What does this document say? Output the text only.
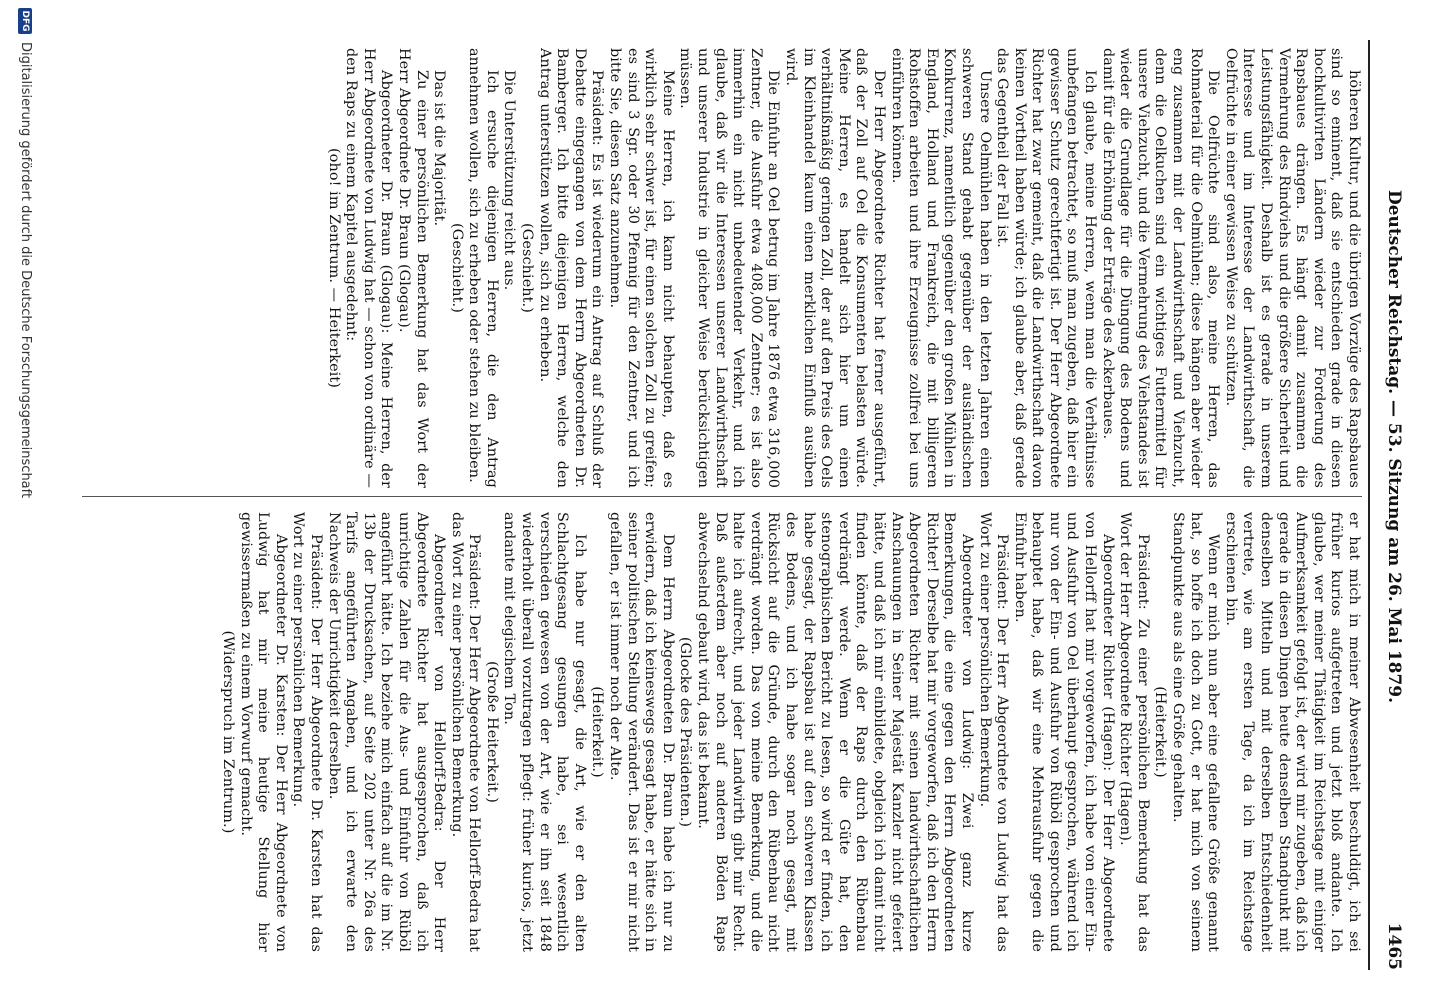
Deutscher Reichstag. — 53. Sitzung am 26. Mai 1879.
1465

höheren Kultur, und die übrigen Vorzüge des Rapsbaues sind so eminent, daß sie entschieden grade in diesen hochkultivirten Ländern wieder zur Forderung des Rapsbaues drängen. Es hängt damit zusammen die Vermehrung des Rindviehs und die größere Sicherheit und Leistungsfähigkeit. Deshalb ist es gerade in unserem Interesse und im Interesse der Landwirthschaft, die Oelfrüchte in einer gewissen Weise zu schützen.

Die Oelfrüchte sind also, meine Herren, das Rohmaterial für die Oelmühlen; diese hängen aber wieder eng zusammen mit der Landwirthschaft und Viehzucht, denn die Oelkuchen sind ein wichtiges Futtermittel für unsere Viehzucht, und die Vermehrung des Viehstandes ist wieder die Grundlage für die Düngung des Bodens und damit für die Erhöhung der Erträge des Ackerbaues.

Ich glaube, meine Herren, wenn man die Verhältnisse unbefangen betrachtet, so muß man zugeben, daß hier ein gewisser Schutz gerechtfertigt ist. Der Herr Abgeordnete Richter hat zwar gemeint, daß die Landwirthschaft davon keinen Vortheil haben würde; ich glaube aber, daß gerade das Gegentheil der Fall ist.

Unsere Oelmühlen haben in den letzten Jahren einen schweren Stand gehabt gegenüber der ausländischen Konkurrenz, namentlich gegenüber den großen Mühlen in England, Holland und Frankreich, die mit billigeren Rohstoffen arbeiten und ihre Erzeugnisse zollfrei bei uns einführen können.

Der Herr Abgeordnete Richter hat ferner ausgeführt, daß der Zoll auf Oel die Konsumenten belasten würde. Meine Herren, es handelt sich hier um einen verhältnißmäßig geringen Zoll, der auf den Preis des Oels im Kleinhandel kaum einen merklichen Einfluß ausüben wird.

Die Einfuhr an Oel betrug im Jahre 1876 etwa 316,000 Zentner, die Ausfuhr etwa 408,000 Zentner; es ist also immerhin ein nicht unbedeutender Verkehr, und ich glaube, daß wir die Interessen unserer Landwirthschaft und unserer Industrie in gleicher Weise berücksichtigen müssen.

Meine Herren, ich kann nicht behaupten, daß es wirklich sehr schwer ist, für einen solchen Zoll zu greifen; es sind 3 Sgr. oder 30 Pfennig für den Zentner, und ich bitte Sie, diesen Satz anzunehmen.

Präsident: Es ist wiederum ein Antrag auf Schluß der Debatte eingegangen von dem Herrn Abgeordneten Dr. Bamberger. Ich bitte diejenigen Herren, welche den Antrag unterstützen wollen, sich zu erheben.

(Geschieht.)

Die Unterstützung reicht aus.

Ich ersuche diejenigen Herren, die den Antrag annehmen wollen, sich zu erheben oder stehen zu bleiben.

(Geschieht.)

Das ist die Majorität.

Zu einer persönlichen Bemerkung hat das Wort der Herr Abgeordnete Dr. Braun (Glogau).

Abgeordneter Dr. Braun (Glogau): Meine Herren, der Herr Abgeordnete von Ludwig hat — schon von ordinäre — den Raps zu einem Kapitel ausgedehnt:

(oho! im Zentrum. — Heiterkeit)

er hat mich in meiner Abwesenheit beschuldigt, ich sei früher kurios aufgetreten und jetzt bloß andante. Ich glaube, wer meiner Thätigkeit im Reichstage mit einiger Aufmerksamkeit gefolgt ist, der wird mir zugeben, daß ich gerade in diesen Dingen heute denselben Standpunkt mit denselben Mitteln und mit derselben Entschiedenheit vertrete, wie am ersten Tage, da ich im Reichstage erschienen bin.

Wenn er mich nun aber eine gefallene Größe genannt hat, so hoffe ich doch zu Gott, er hat mich von seinem Standpunkte aus als eine Größe gehalten.

(Heiterkeit.)

Präsident: Zu einer persönlichen Bemerkung hat das Wort der Herr Abgeordnete Richter (Hagen).

Abgeordneter Richter (Hagen): Der Herr Abgeordnete von Hellorff hat mir vorgeworfen, ich habe von einer Ein- und Ausfuhr von Oel überhaupt gesprochen, während ich nur von der Ein- und Ausfuhr von Rüböl gesprochen und behauptet habe, daß wir eine Mehrausfuhr gegen die Einfuhr haben.

Präsident: Der Herr Abgeordnete von Ludwig hat das Wort zu einer persönlichen Bemerkung.

Abgeordneter von Ludwig: Zwei ganz kurze Bemerkungen, die eine gegen den Herrn Abgeordneten Richter! Derselbe hat mir vorgeworfen, daß ich den Herrn Abgeordneten Richter mit seinen landwirthschaftlichen Anschauungen in Seiner Majestät Kanzler nicht gefeiert hätte, und daß ich mir einbildete, obgleich ich damit nicht finden könnte, daß der Raps durch den Rübenbau verdrängt werde. Wenn er die Güte hat, den stenographischen Bericht zu lesen, so wird er finden, ich habe gesagt, der Rapsbau ist auf den schweren Klassen des Bodens, und ich habe sogar noch gesagt, mit Rücksicht auf die Gründe, durch den Rübenbau nicht verdrängt worden. Das von meine Bemerkung, und die halte ich aufrecht, und jeder Landwirth gibt mir Recht. Daß außerdem aber noch auf anderen Böden Raps abwechselnd gebaut wird, das ist bekannt.

(Glocke des Präsidenten.)

Dem Herrn Abgeordneten Dr. Braun habe ich nur zu erwidern, daß ich keineswegs gesagt habe, er hätte sich in seiner politischen Stellung verändert. Das ist er mir nicht gefallen, er ist immer noch der Alte.

(Heiterkeit.)

Ich habe nur gesagt, die Art, wie er den alten Schlachtgesang gesungen habe, sei wesentlich verschieden gewesen von der Art, wie er ihn seit 1848 wiederholt überall vorzutragen pflegt: früher kurios, jetzt andante mit elegischem Ton.

(Große Heiterkeit.)

Präsident: Der Herr Abgeordnete von Hellorff-Bedra hat das Wort zu einer persönlichen Bemerkung.

Abgeordneter von Hellorff-Bedra: Der Herr Abgeordnete Richter hat ausgesprochen, daß ich unrichtige Zahlen für die Aus- und Einfuhr von Rüböl angeführt hätte. Ich beziehe mich einfach auf die im Nr. 13b der Drucksachen, auf Seite 202 unter Nr. 26a des Tarifs angeführten Angaben, und ich erwarte den Nachweis der Unrichtigkeit derselben.

Präsident: Der Herr Abgeordnete Dr. Karsten hat das Wort zu einer persönlichen Bemerkung.

Abgeordneter Dr. Karsten: Der Herr Abgeordnete von Ludwig hat mir meine heutige Stellung hier gewissermaßen zu einem Vorwurf gemacht.

(Widerspruch im Zentrum.)

DFG
Digitalisierung gefördert durch die Deutsche Forschungsgemeinschaft
